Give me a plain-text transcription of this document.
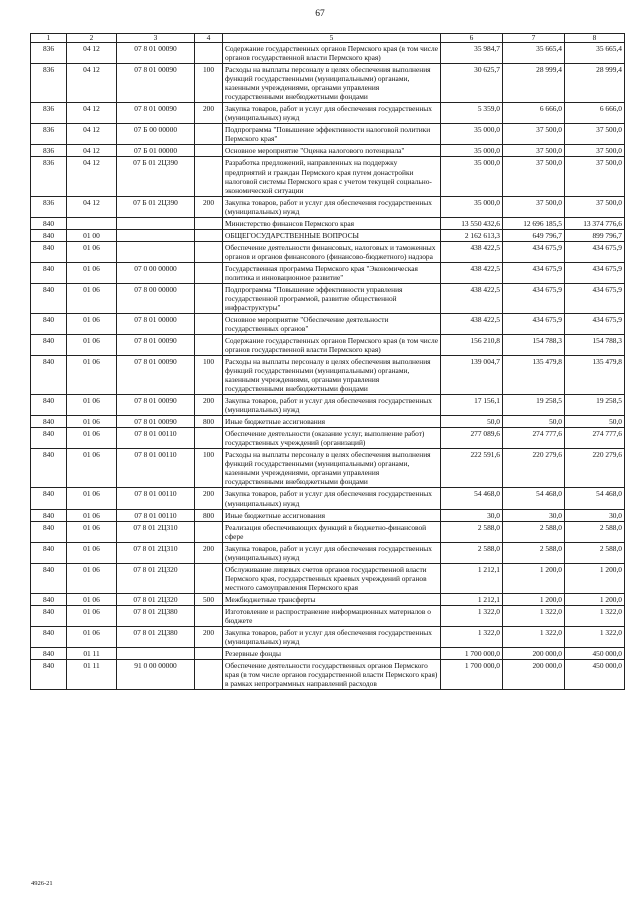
67
1	2	3	4	5	6	7	8
836	04 12	07 8 01 00090		Содержание государственных органов Пермского края (в том числе органов государственной власти Пермского края)	35 984,7	35 665,4	35 665,4
836	04 12	07 8 01 00090	100	Расходы на выплаты персоналу в целях обеспечения выполнения функций государственными (муниципальными) органами, казенными учреждениями, органами управления государственными внебюджетными фондами	30 625,7	28 999,4	28 999,4
836	04 12	07 8 01 00090	200	Закупка товаров, работ и услуг для обеспечения государственных (муниципальных) нужд	5 359,0	6 666,0	6 666,0
836	04 12	07 Б 00 00000		Подпрограмма "Повышение эффективности налоговой политики Пермского края"	35 000,0	37 500,0	37 500,0
836	04 12	07 Б 01 00000		Основное мероприятие "Оценка налогового потенциала"	35 000,0	37 500,0	37 500,0
836	04 12	07 Б 01 2Ц390		Разработка предложений, направленных на поддержку предприятий и граждан Пермского края путем донастройки налоговой системы Пермского края с учетом текущей социально-экономической ситуации	35 000,0	37 500,0	37 500,0
836	04 12	07 Б 01 2Ц390	200	Закупка товаров, работ и услуг для обеспечения государственных (муниципальных) нужд	35 000,0	37 500,0	37 500,0
840				Министерство финансов Пермского края	13 550 432,6	12 696 185,5	13 374 776,6
840	01 00			ОБЩЕГОСУДАРСТВЕННЫЕ ВОПРОСЫ	2 162 613,3	649 796,7	899 796,7
840	01 06			Обеспечение деятельности финансовых, налоговых и таможенных органов и органов финансового (финансово-бюджетного) надзора	438 422,5	434 675,9	434 675,9
840	01 06	07 0 00 00000		Государственная программа Пермского края "Экономическая политика и инновационное развитие"	438 422,5	434 675,9	434 675,9
840	01 06	07 8 00 00000		Подпрограмма "Повышение эффективности управления государственной программой, развитие общественной инфраструктуры"	438 422,5	434 675,9	434 675,9
840	01 06	07 8 01 00000		Основное мероприятие "Обеспечение деятельности государственных органов"	438 422,5	434 675,9	434 675,9
840	01 06	07 8 01 00090		Содержание государственных органов Пермского края (в том числе органов государственной власти Пермского края)	156 210,8	154 788,3	154 788,3
840	01 06	07 8 01 00090	100	Расходы на выплаты персоналу в целях обеспечения выполнения функций государственными (муниципальными) органами, казенными учреждениями, органами управления государственными внебюджетными фондами	139 004,7	135 479,8	135 479,8
840	01 06	07 8 01 00090	200	Закупка товаров, работ и услуг для обеспечения государственных (муниципальных) нужд	17 156,1	19 258,5	19 258,5
840	01 06	07 8 01 00090	800	Иные бюджетные ассигнования	50,0	50,0	50,0
840	01 06	07 8 01 00110		Обеспечение деятельности (оказание услуг, выполнение работ) государственных учреждений (организаций)	277 089,6	274 777,6	274 777,6
840	01 06	07 8 01 00110	100	Расходы на выплаты персоналу в целях обеспечения выполнения функций государственными (муниципальными) органами, казенными учреждениями, органами управления государственными внебюджетными фондами	222 591,6	220 279,6	220 279,6
840	01 06	07 8 01 00110	200	Закупка товаров, работ и услуг для обеспечения государственных (муниципальных) нужд	54 468,0	54 468,0	54 468,0
840	01 06	07 8 01 00110	800	Иные бюджетные ассигнования	30,0	30,0	30,0
840	01 06	07 8 01 2Ц310		Реализация обеспечивающих функций в бюджетно-финансовой сфере	2 588,0	2 588,0	2 588,0
840	01 06	07 8 01 2Ц310	200	Закупка товаров, работ и услуг для обеспечения государственных (муниципальных) нужд	2 588,0	2 588,0	2 588,0
840	01 06	07 8 01 2Ц320		Обслуживание лицевых счетов органов государственной власти Пермского края, государственных краевых учреждений органов местного самоуправления Пермского края	1 212,1	1 200,0	1 200,0
840	01 06	07 8 01 2Ц320	500	Межбюджетные трансферты	1 212,1	1 200,0	1 200,0
840	01 06	07 8 01 2Ц380		Изготовление и распространение информационных материалов о бюджете	1 322,0	1 322,0	1 322,0
840	01 06	07 8 01 2Ц380	200	Закупка товаров, работ и услуг для обеспечения государственных (муниципальных) нужд	1 322,0	1 322,0	1 322,0
840	01 11			Резервные фонды	1 700 000,0	200 000,0	450 000,0
840	01 11	91 0 00 00000		Обеспечение деятельности государственных органов Пермского края (в том числе органов государственной власти Пермского края) в рамках непрограммных направлений расходов	1 700 000,0	200 000,0	450 000,0
4926-21
